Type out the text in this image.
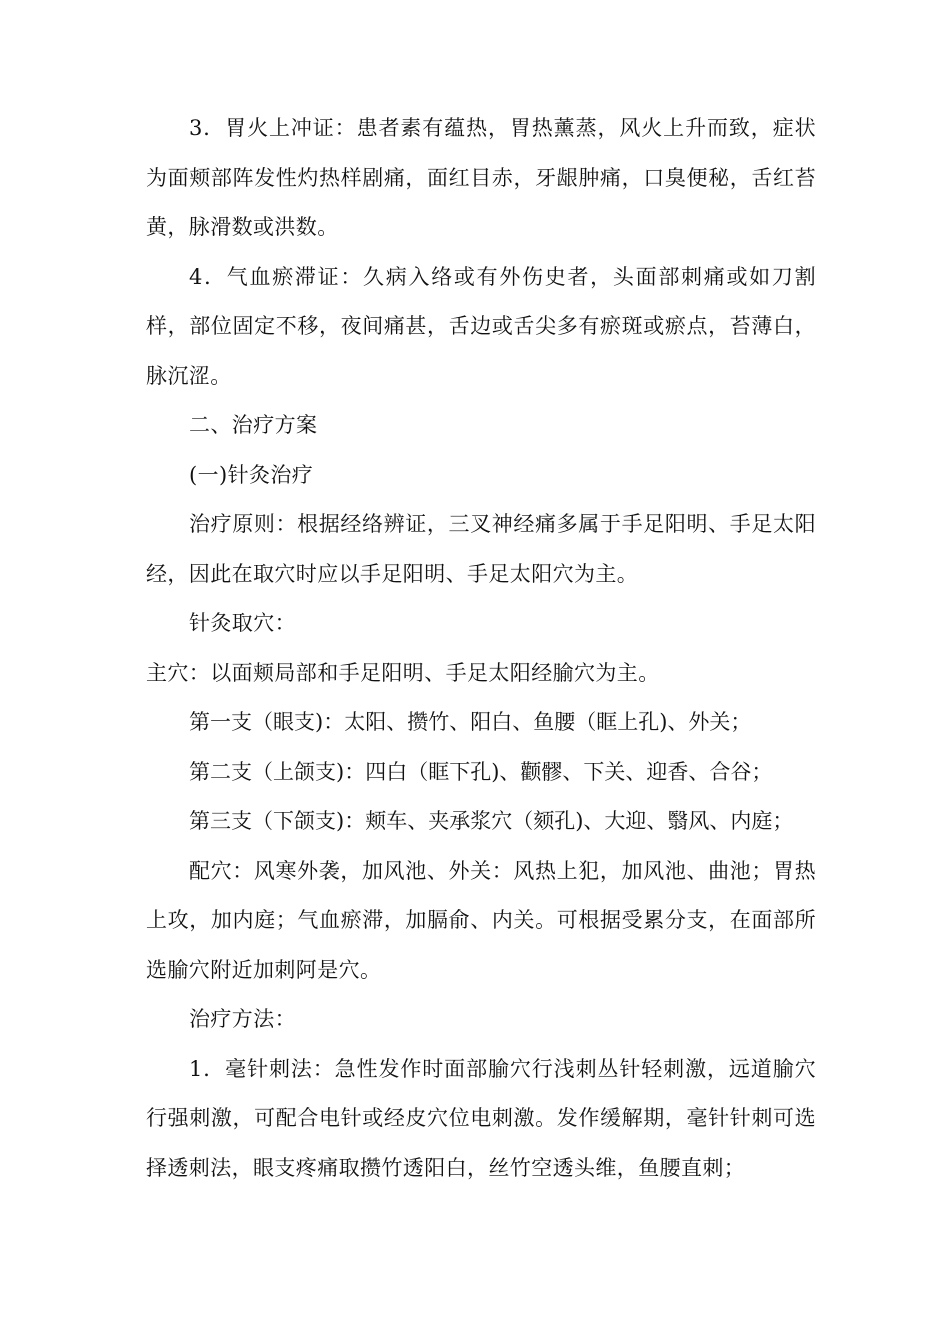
3．胃火上冲证：患者素有蕴热，胃热薰蒸，风火上升而致，症状为面颊部阵发性灼热样剧痛，面红目赤，牙龈肿痛，口臭便秘，舌红苔黄，脉滑数或洪数。

4．气血瘀滞证：久病入络或有外伤史者，头面部刺痛或如刀割样，部位固定不移，夜间痛甚，舌边或舌尖多有瘀斑或瘀点，苔薄白，脉沉涩。

二、治疗方案

(一)针灸治疗

治疗原则：根据经络辨证，三叉神经痛多属于手足阳明、手足太阳经，因此在取穴时应以手足阳明、手足太阳穴为主。

针灸取穴：

主穴：以面颊局部和手足阳明、手足太阳经腧穴为主。

第一支（眼支)：太阳、攒竹、阳白、鱼腰（眶上孔)、外关；

第二支（上颌支)：四白（眶下孔)、颧髎、下关、迎香、合谷；

第三支（下颌支)：颊车、夹承浆穴（颏孔)、大迎、翳风、内庭；

配穴：风寒外袭，加风池、外关：风热上犯，加风池、曲池；胃热上攻，加内庭；气血瘀滞，加膈俞、内关。可根据受累分支，在面部所选腧穴附近加刺阿是穴。

治疗方法：

1．毫针刺法：急性发作时面部腧穴行浅刺丛针轻刺激，远道腧穴行强刺激，可配合电针或经皮穴位电刺激。发作缓解期，毫针针刺可选择透刺法，眼支疼痛取攒竹透阳白，丝竹空透头维，鱼腰直刺；
